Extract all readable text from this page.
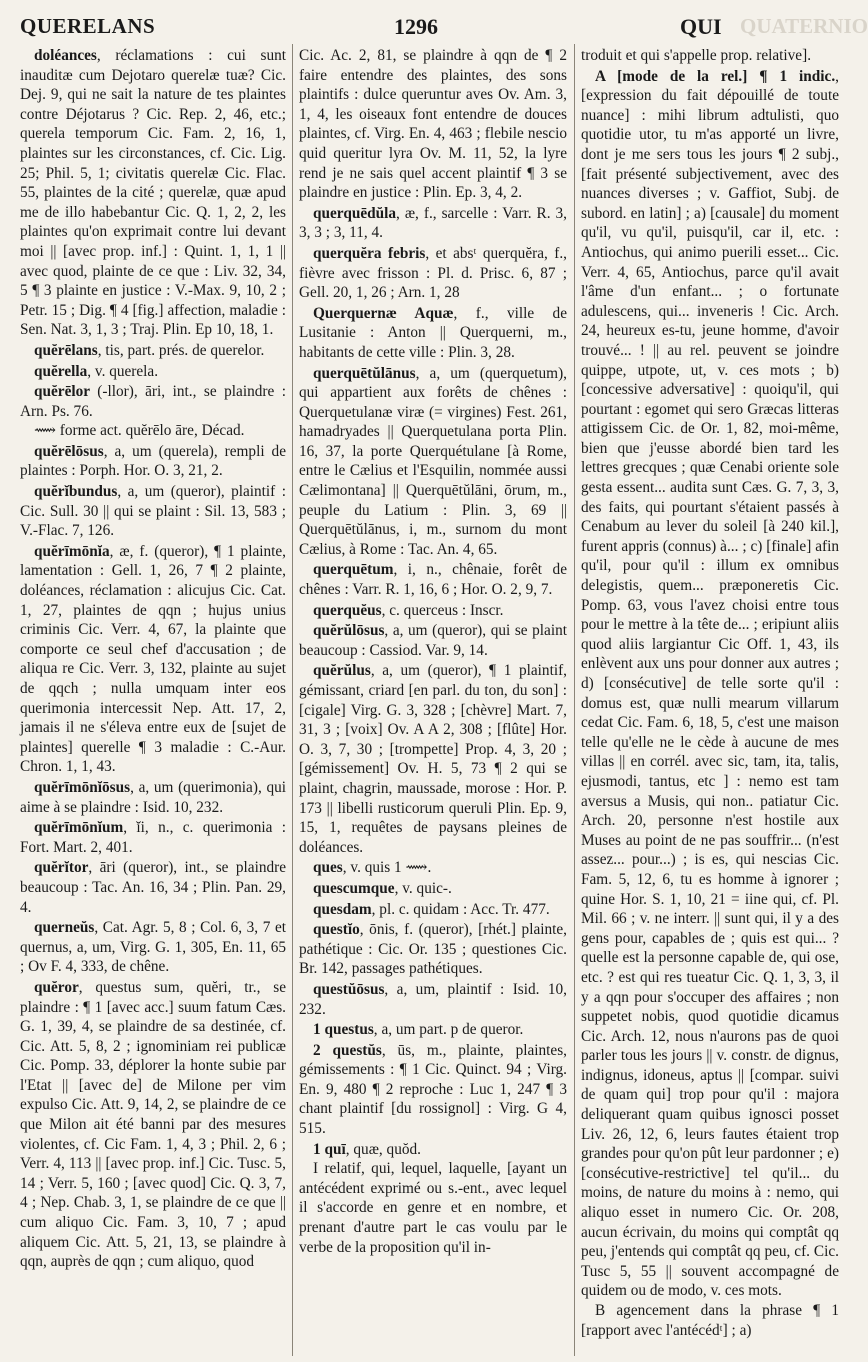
QUERELANS	1296	QUI QUATERNIO

doléances, réclamations : cui sunt inauditæ cum Dejotaro querelæ tuæ? Cic. Dej. 9, qui ne sait la nature de tes plaintes contre Déjotarus ? Cic. Rep. 2, 46, etc.; querela temporum Cic. Fam. 2, 16, 1, plaintes sur les circonstances, cf. Cic. Lig. 25; Phil. 5, 1; civitatis querelæ Cic. Flac. 55, plaintes de la cité ; querelæ, quæ apud me de illo habebantur Cic. Q. 1, 2, 2, les plaintes qu'on exprimait contre lui devant moi || [avec prop. inf.] : Quint. 1, 1, 1 || avec quod, plainte de ce que : Liv. 32, 34, 5 ¶ 3 plainte en justice : V.-Max. 9, 10, 2 ; Petr. 15 ; Dig. ¶ 4 [fig.] affection, maladie : Sen. Nat. 3, 1, 3 ; Traj. Plin. Ep 10, 18, 1.

quĕrēlans, tis, part. prés. de querelor.

quĕrella, v. querela.

quĕrēlor (-llor), āri, int., se plaindre : Arn. Ps. 76.

⟿ forme act. quĕrēlo āre, Décad.

quĕrēlōsus, a, um (querela), rempli de plaintes : Porph. Hor. O. 3, 21, 2.

quĕrĭbundus, a, um (queror), plaintif : Cic. Sull. 30 || qui se plaint : Sil. 13, 583 ; V.-Flac. 7, 126.

quĕrīmōnĭa, æ, f. (queror), ¶ 1 plainte, lamentation : Gell. 1, 26, 7 ¶ 2 plainte, doléances, réclamation : alicujus Cic. Cat. 1, 27, plaintes de qqn ; hujus unius criminis Cic. Verr. 4, 67, la plainte que comporte ce seul chef d'accusation ; de aliqua re Cic. Verr. 3, 132, plainte au sujet de qqch ; nulla umquam inter eos querimonia intercessit Nep. Att. 17, 2, jamais il ne s'éleva entre eux de [sujet de plaintes] querelle ¶ 3 maladie : C.-Aur. Chron. 1, 1, 43.

quĕrīmōnĭōsus, a, um (querimonia), qui aime à se plaindre : Isid. 10, 232.

quĕrīmōnĭum, ĭi, n., c. querimonia : Fort. Mart. 2, 401.

quĕrĭtor, āri (queror), int., se plaindre beaucoup : Tac. An. 16, 34 ; Plin. Pan. 29, 4.

querneŭs, Cat. Agr. 5, 8 ; Col. 6, 3, 7 et quernus, a, um, Virg. G. 1, 305, En. 11, 65 ; Ov F. 4, 333, de chêne.

quĕror, questus sum, quĕri, tr., se plaindre : ¶ 1 [avec acc.] suum fatum Cæs. G. 1, 39, 4, se plaindre de sa destinée, cf. Cic. Att. 5, 8, 2 ; ignominiam rei publicæ Cic. Pomp. 33, déplorer la honte subie par l'Etat || [avec de] de Milone per vim expulso Cic. Att. 9, 14, 2, se plaindre de ce que Milon ait été banni par des mesures violentes, cf. Cic Fam. 1, 4, 3 ; Phil. 2, 6 ; Verr. 4, 113 || [avec prop. inf.] Cic. Tusc. 5, 14 ; Verr. 5, 160 ; [avec quod] Cic. Q. 3, 7, 4 ; Nep. Chab. 3, 1, se plaindre de ce que || cum aliquo Cic. Fam. 3, 10, 7 ; apud aliquem Cic. Att. 5, 21, 13, se plaindre à qqn, auprès de qqn ; cum aliquo, quod

Cic. Ac. 2, 81, se plaindre à qqn de ¶ 2 faire entendre des plaintes, des sons plaintifs : dulce queruntur aves Ov. Am. 3, 1, 4, les oiseaux font entendre de douces plaintes, cf. Virg. En. 4, 463 ; flebile nescio quid queritur lyra Ov. M. 11, 52, la lyre rend je ne sais quel accent plaintif ¶ 3 se plaindre en justice : Plin. Ep. 3, 4, 2.

querquēdŭla, æ, f., sarcelle : Varr. R. 3, 3, 3 ; 3, 11, 4.

querquĕra febris, et absᵗ querquĕra, f., fièvre avec frisson : Pl. d. Prisc. 6, 87 ; Gell. 20, 1, 26 ; Arn. 1, 28

Querquernæ Aquæ, f., ville de Lusitanie : Anton || Querquerni, m., habitants de cette ville : Plin. 3, 28.

querquētŭlānus, a, um (querquetum), qui appartient aux forêts de chênes : Querquetulanæ viræ (= virgines) Fest. 261, hamadryades || Querquetulana porta Plin. 16, 37, la porte Querquétulane [à Rome, entre le Cælius et l'Esquilin, nommée aussi Cælimontana] || Querquētŭlāni, ōrum, m., peuple du Latium : Plin. 3, 69 || Querquētŭlānus, i, m., surnom du mont Cælius, à Rome : Tac. An. 4, 65.

querquētum, i, n., chênaie, forêt de chênes : Varr. R. 1, 16, 6 ; Hor. O. 2, 9, 7.

querquĕus, c. querceus : Inscr.

quĕrŭlōsus, a, um (queror), qui se plaint beaucoup : Cassiod. Var. 9, 14.

quĕrŭlus, a, um (queror), ¶ 1 plaintif, gémissant, criard [en parl. du ton, du son] : [cigale] Virg. G. 3, 328 ; [chèvre] Mart. 7, 31, 3 ; [voix] Ov. A A 2, 308 ; [flûte] Hor. O. 3, 7, 30 ; [trompette] Prop. 4, 3, 20 ; [gémissement] Ov. H. 5, 73 ¶ 2 qui se plaint, chagrin, maussade, morose : Hor. P. 173 || libelli rusticorum queruli Plin. Ep. 9, 15, 1, requêtes de paysans pleines de doléances.

ques, v. quis 1 ⟿.

quescumque, v. quic-.

quesdam, pl. c. quidam : Acc. Tr. 477.

questĭo, ōnis, f. (queror), [rhét.] plainte, pathétique : Cic. Or. 135 ; questiones Cic. Br. 142, passages pathétiques.

questŭōsus, a, um, plaintif : Isid. 10, 232.

1 questus, a, um part. p de queror.

2 questŭs, ūs, m., plainte, plaintes, gémissements : ¶ 1 Cic. Quinct. 94 ; Virg. En. 9, 480 ¶ 2 reproche : Luc 1, 247 ¶ 3 chant plaintif [du rossignol] : Virg. G 4, 515.

1 quī, quæ, quŏd.

I relatif, qui, lequel, laquelle, [ayant un antécédent exprimé ou s.-ent., avec lequel il s'accorde en genre et en nombre, et prenant d'autre part le cas voulu par le verbe de la proposition qu'il in-

troduit et qui s'appelle prop. relative].

A [mode de la rel.] ¶ 1 indic., [expression du fait dépouillé de toute nuance] : mihi librum adtulisti, quo quotidie utor, tu m'as apporté un livre, dont je me sers tous les jours ¶ 2 subj., [fait présenté subjectivement, avec des nuances diverses ; v. Gaffiot, Subj. de subord. en latin] ; a) [causale] du moment qu'il, vu qu'il, puisqu'il, car il, etc. : Antiochus, qui animo puerili esset... Cic. Verr. 4, 65, Antiochus, parce qu'il avait l'âme d'un enfant... ; o fortunate adulescens, qui... inveneris ! Cic. Arch. 24, heureux es-tu, jeune homme, d'avoir trouvé... ! || au rel. peuvent se joindre quippe, utpote, ut, v. ces mots ; b) [concessive adversative] : quoiqu'il, qui pourtant : egomet qui sero Græcas litteras attigissem Cic. de Or. 1, 82, moi-même, bien que j'eusse abordé bien tard les lettres grecques ; quæ Cenabi oriente sole gesta essent... audita sunt Cæs. G. 7, 3, 3, des faits, qui pourtant s'étaient passés à Cenabum au lever du soleil [à 240 kil.], furent appris (connus) à... ; c) [finale] afin qu'il, pour qu'il : illum ex omnibus delegistis, quem... præponeretis Cic. Pomp. 63, vous l'avez choisi entre tous pour le mettre à la tête de... ; eripiunt aliis quod aliis largiantur Cic Off. 1, 43, ils enlèvent aux uns pour donner aux autres ; d) [consécutive] de telle sorte qu'il : domus est, quæ nulli mearum villarum cedat Cic. Fam. 6, 18, 5, c'est une maison telle qu'elle ne le cède à aucune de mes villas || en corrél. avec sic, tam, ita, talis, ejusmodi, tantus, etc ] : nemo est tam aversus a Musis, qui non.. patiatur Cic. Arch. 20, personne n'est hostile aux Muses au point de ne pas souffrir... (n'est assez... pour...) ; is es, qui nescias Cic. Fam. 5, 12, 6, tu es homme à ignorer ; quine Hor. S. 1, 10, 21 = iine qui, cf. Pl. Mil. 66 ; v. ne interr. || sunt qui, il y a des gens pour, capables de ; quis est qui... ? quelle est la personne capable de, qui ose, etc. ? est qui res tueatur Cic. Q. 1, 3, 3, il y a qqn pour s'occuper des affaires ; non suppetet nobis, quod quotidie dicamus Cic. Arch. 12, nous n'aurons pas de quoi parler tous les jours || v. constr. de dignus, indignus, idoneus, aptus || [compar. suivi de quam qui] trop pour qu'il : majora deliquerant quam quibus ignosci posset Liv. 26, 12, 6, leurs fautes étaient trop grandes pour qu'on pût leur pardonner ; e) [consécutive-restrictive] tel qu'il... du moins, de nature du moins à : nemo, qui aliquo esset in numero Cic. Or. 208, aucun écrivain, du moins qui comptât qq peu, j'entends qui comptât qq peu, cf. Cic. Tusc 5, 55 || souvent accompagné de quidem ou de modo, v. ces mots.

B agencement dans la phrase ¶ 1 [rapport avec l'antécédᵗ] ; a)
